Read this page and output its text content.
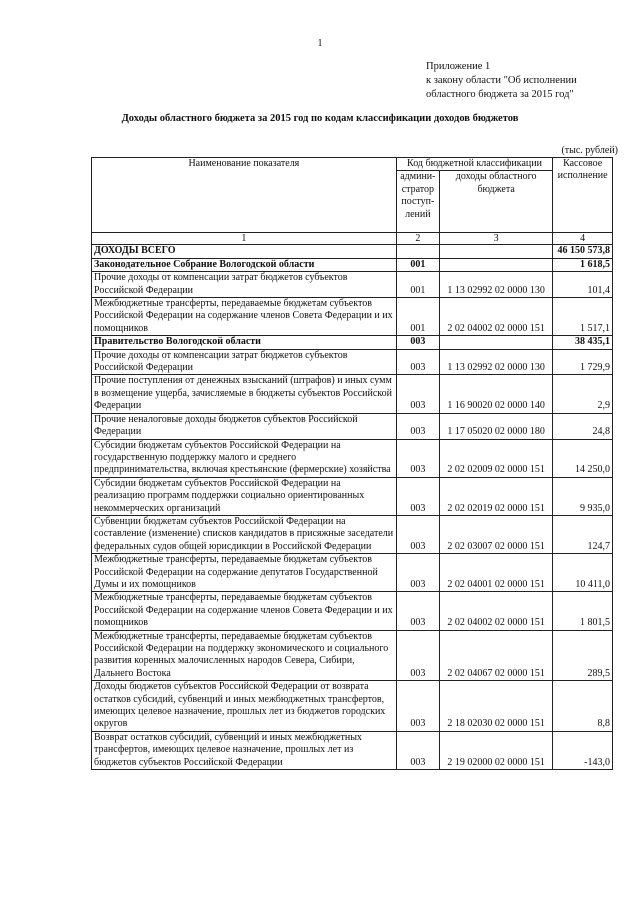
1
Приложение 1
к закону области "Об исполнении
областного бюджета за 2015 год"
Доходы областного бюджета за 2015 год по кодам классификации доходов бюджетов
(тыс. рублей)
Наименование показателя	Код бюджетной классификации		Кассовое исполнение
	админи-стратор поступ-лений	доходы областного бюджета	
1	2	3	4
ДОХОДЫ ВСЕГО			46 150 573,8
Законодательное Собрание Вологодской области	001		1 618,5
Прочие доходы от компенсации затрат бюджетов субъектов Российской Федерации	001	1 13 02992 02 0000 130	101,4
Межбюджетные трансферты, передаваемые бюджетам субъектов Российской Федерации на содержание членов Совета Федерации и их помощников	001	2 02 04002 02 0000 151	1 517,1
Правительство Вологодской области	003		38 435,1
Прочие доходы от компенсации затрат бюджетов субъектов Российской Федерации	003	1 13 02992 02 0000 130	1 729,9
Прочие поступления от денежных взысканий (штрафов) и иных сумм в возмещение ущерба, зачисляемые в бюджеты субъектов Российской Федерации	003	1 16 90020 02 0000 140	2,9
Прочие неналоговые доходы бюджетов субъектов Российской Федерации	003	1 17 05020 02 0000 180	24,8
Субсидии бюджетам субъектов Российской Федерации на государственную поддержку малого и среднего предпринимательства, включая крестьянские (фермерские) хозяйства	003	2 02 02009 02 0000 151	14 250,0
Субсидии бюджетам субъектов Российской Федерации на реализацию программ поддержки социально ориентированных некоммерческих организаций	003	2 02 02019 02 0000 151	9 935,0
Субвенции бюджетам субъектов Российской Федерации на составление (изменение) списков кандидатов в присяжные заседатели федеральных судов общей юрисдикции в Российской Федерации	003	2 02 03007 02 0000 151	124,7
Межбюджетные трансферты, передаваемые бюджетам субъектов Российской Федерации на содержание депутатов Государственной Думы и их помощников	003	2 02 04001 02 0000 151	10 411,0
Межбюджетные трансферты, передаваемые бюджетам субъектов Российской Федерации на содержание членов Совета Федерации и их помощников	003	2 02 04002 02 0000 151	1 801,5
Межбюджетные трансферты, передаваемые бюджетам субъектов Российской Федерации на поддержку экономического и социального развития коренных малочисленных народов Севера, Сибири, Дальнего Востока	003	2 02 04067 02 0000 151	289,5
Доходы бюджетов субъектов Российской Федерации от возврата остатков субсидий, субвенций и иных межбюджетных трансфертов, имеющих целевое назначение, прошлых лет из бюджетов городских округов	003	2 18 02030 02 0000 151	8,8
Возврат остатков субсидий, субвенций и иных межбюджетных трансфертов, имеющих целевое назначение, прошлых лет из бюджетов субъектов Российской Федерации	003	2 19 02000 02 0000 151	-143,0
